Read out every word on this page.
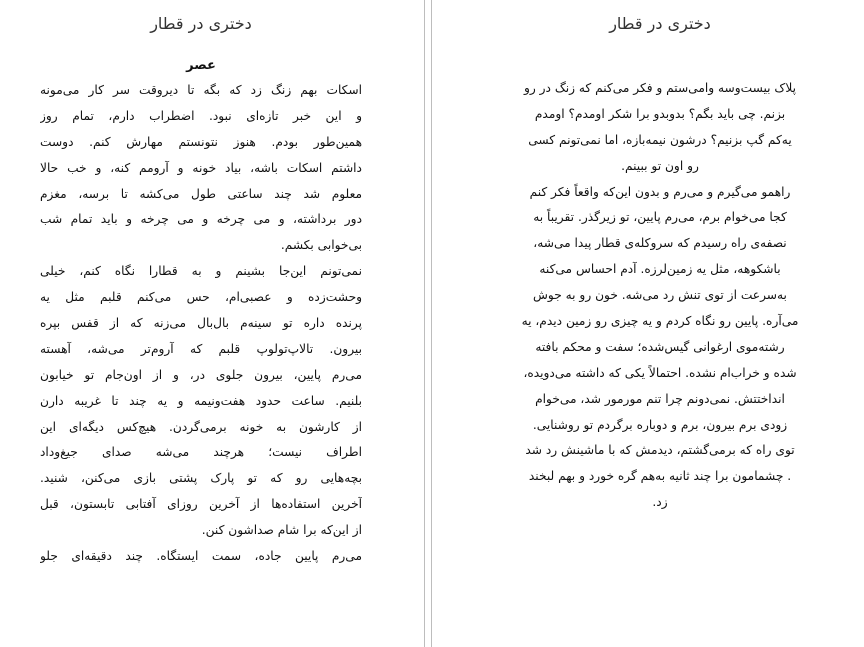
دختری در قطار
عصر
اسکات بهم زنگ زد که بگه تا دیروقت سر کار می‌مونه
و این خبر تازه‌ای نبود. اضطراب دارم، تمام روز
همین‌طور بودم. هنوز نتونستم مهارش کنم. دوست
داشتم اسکات باشه، بیاد خونه و آرومم کنه، و خب حالا
معلوم شد چند ساعتی طول می‌کشه تا برسه، مغزم
دور برداشته، و می چرخه و می چرخه و باید تمام شب
بی‌خوابی بکشم.
نمی‌تونم این‌جا بشینم و به قطارا نگاه کنم، خیلی
وحشت‌زده و عصبی‌ام، حس می‌کنم قلبم مثل یه
پرنده داره تو سینه‌م بال‌بال می‌زنه که از قفس بپره
بیرون. تالاپ‌تولوپ قلبم که آروم‌تر می‌شه، آهسته
می‌رم پایین، بیرون جلوی در، و از اون‌جام تو خیابون
بلنیم. ساعت حدود هفت‌ونیمه و یه چند تا غریبه دارن
از کارشون به خونه برمی‌گردن. هیچ‌کس دیگه‌ای این
اطراف نیست؛ هرچند می‌شه صدای جیغ‌وداد
بچه‌هایی رو که تو پارک پشتی بازی می‌کنن، شنید.
آخرین استفاده‌ها از آخرین روزای آفتابی تابستون، قبل
از این‌که برا شام صداشون کنن.
می‌رم پایین جاده، سمت ایستگاه. چند دقیقه‌ای جلو
دختری در قطار
پلاک بیست‌وسه وامی‌ستم و فکر می‌کنم که زنگ در رو
بزنم. چی باید بگم؟ بدوبدو برا شکر اومدم؟ اومدم
یه‌کم گپ بزنیم؟ درشون نیمه‌بازه، اما نمی‌تونم کسی
رو اون تو ببینم.
راهمو می‌گیرم و می‌رم و بدون این‌که واقعاً فکر کنم
کجا می‌خوام برم، می‌رم پایین، تو زیرگذر. تقریباً به
نصفه‌ی راه رسیدم که سروکله‌ی قطار پیدا می‌شه،
باشکوهه، مثل یه زمین‌لرزه. آدم احساس می‌کنه
به‌سرعت از توی تنش رد می‌شه. خون رو به جوش
می‌آره. پایین رو نگاه کردم و یه چیزی رو زمین دیدم، یه
رشته‌موی ارغوانی گیس‌شده؛ سفت و محکم بافته
شده و خراب‌ام نشده. احتمالاً یکی که داشته می‌دویده،
انداختتش. نمی‌دونم چرا تنم مورمور شد، می‌خوام
زودی برم بیرون، برم و دوباره برگردم تو روشنایی.
توی راه که برمی‌گشتم، دیدمش که با ماشینش رد شد
. چشمامون برا چند ثانیه به‌هم گره خورد و بهم لبخند
زد.
